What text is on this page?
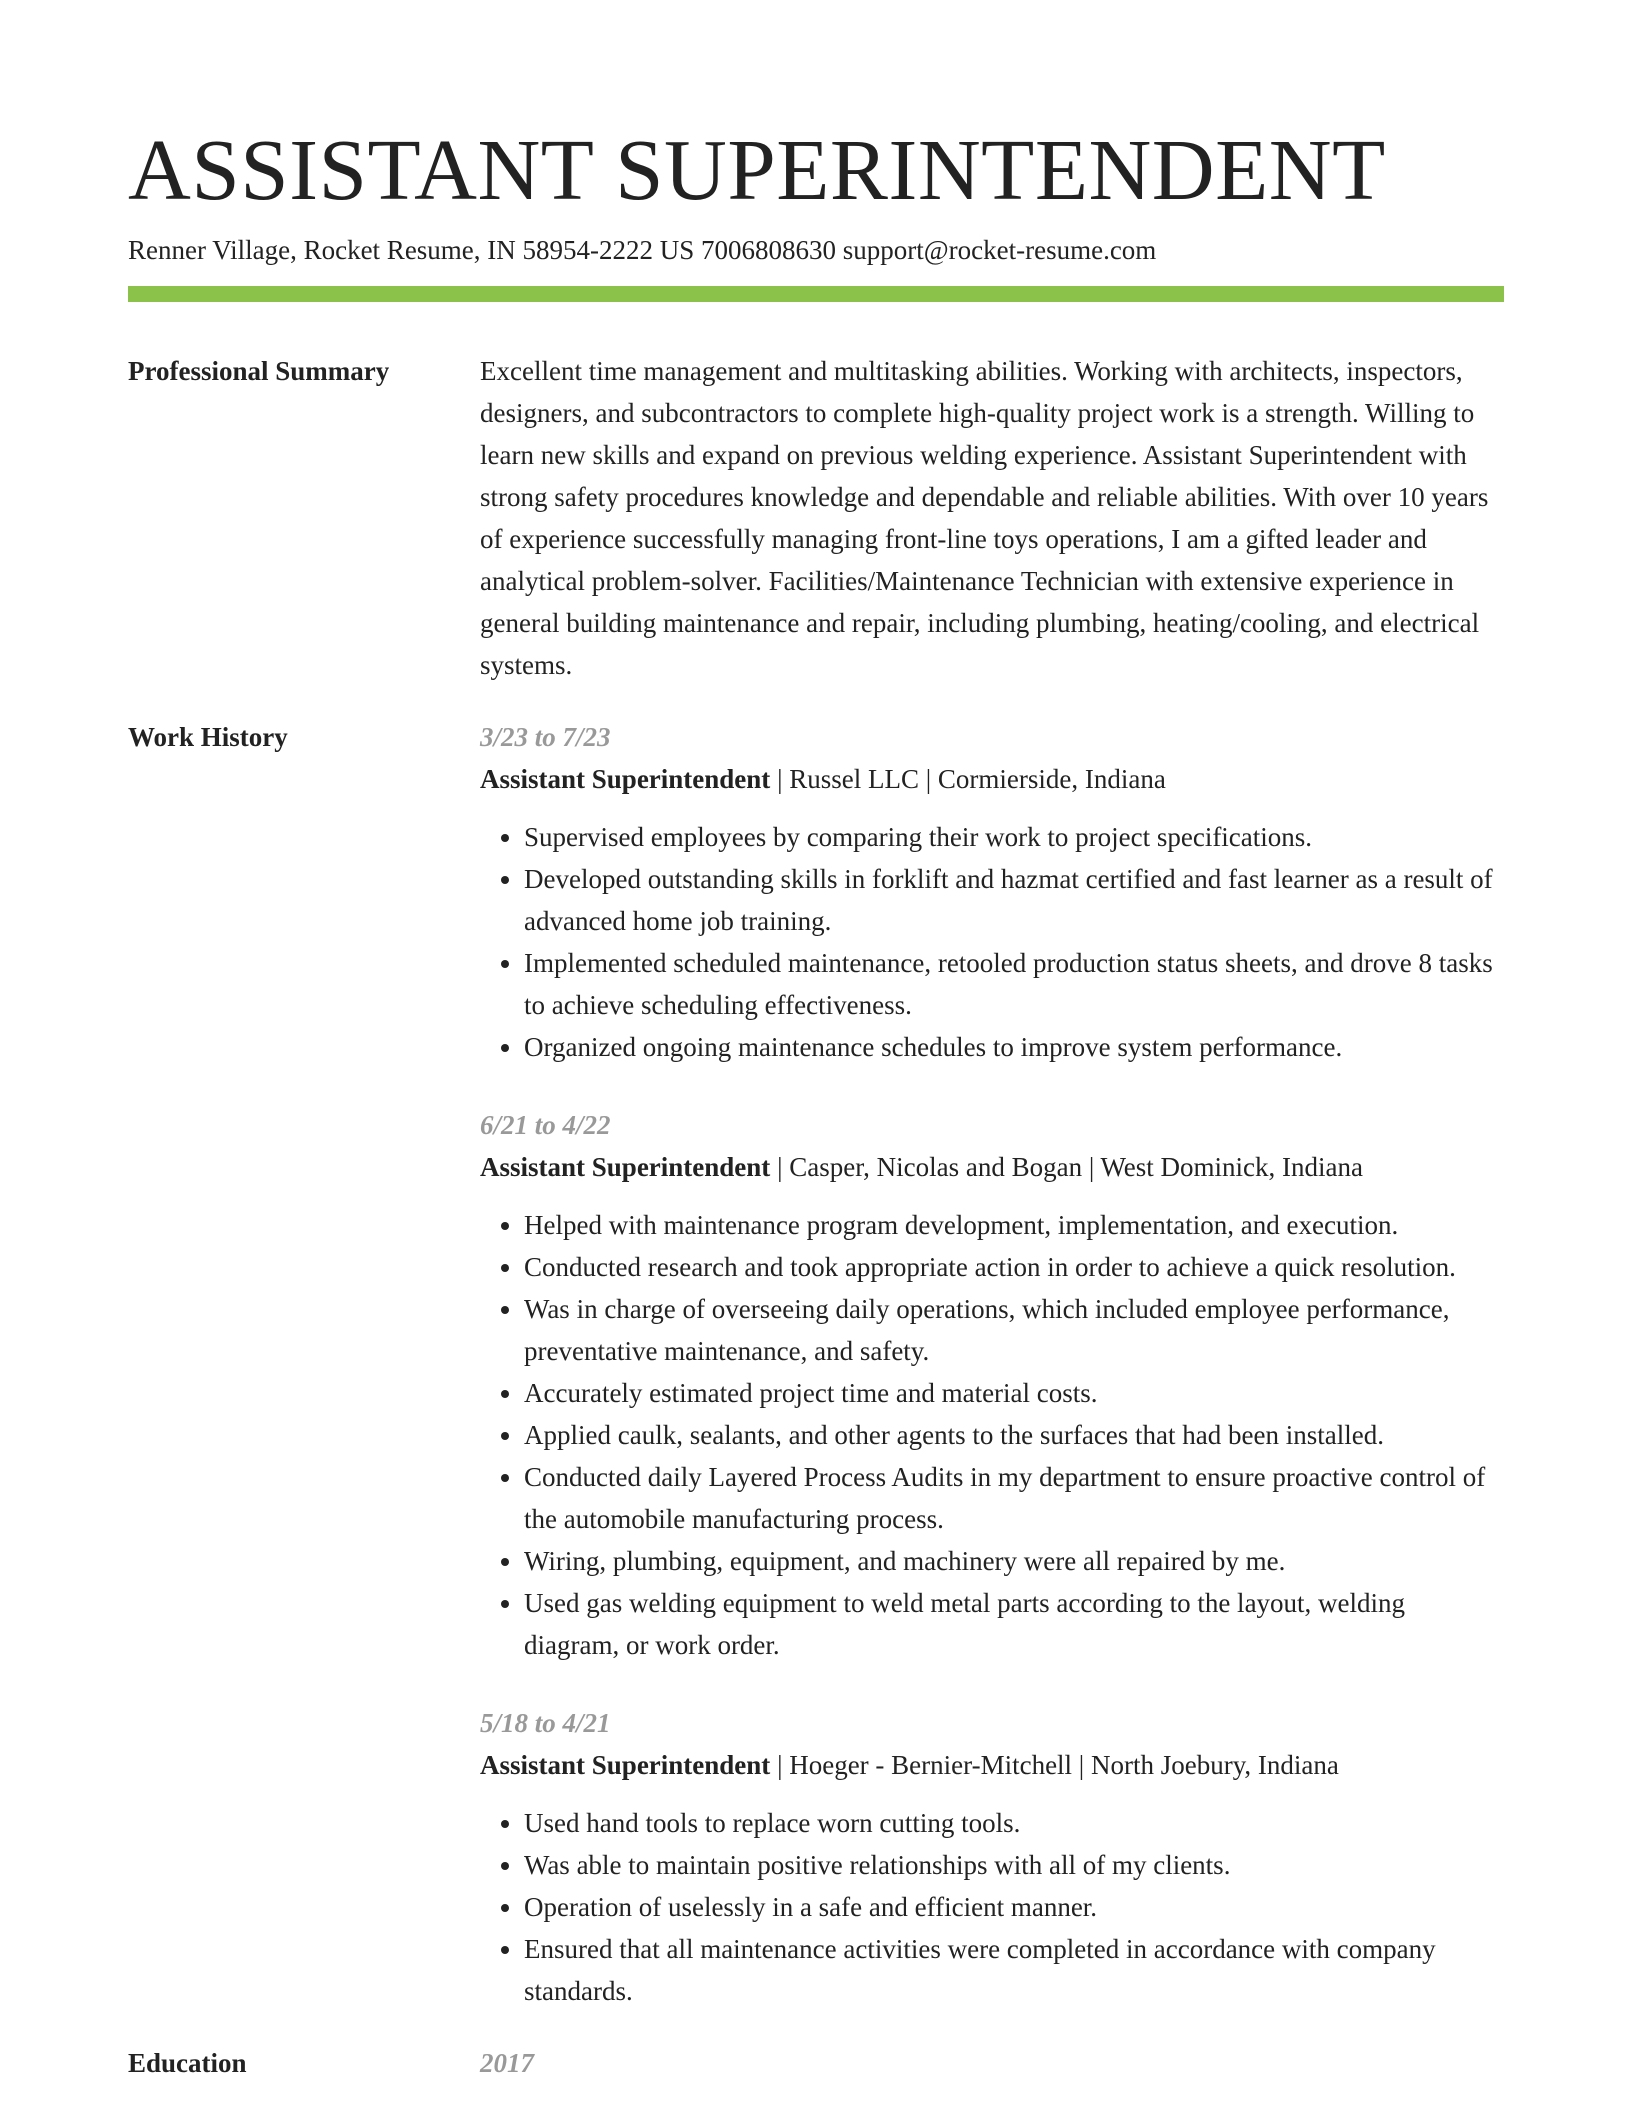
ASSISTANT SUPERINTENDENT
Renner Village, Rocket Resume, IN 58954-2222 US 7006808630 support@rocket-resume.com
Professional Summary	Excellent time management and multitasking abilities. Working with architects, inspectors, designers, and subcontractors to complete high-quality project work is a strength. Willing to learn new skills and expand on previous welding experience. Assistant Superintendent with strong safety procedures knowledge and dependable and reliable abilities. With over 10 years of experience successfully managing front-line toys operations, I am a gifted leader and analytical problem-solver. Facilities/Maintenance Technician with extensive experience in general building maintenance and repair, including plumbing, heating/cooling, and electrical systems.

Work History	3/23 to 7/23
Assistant Superintendent | Russel LLC | Cormierside, Indiana
• Supervised employees by comparing their work to project specifications.
• Developed outstanding skills in forklift and hazmat certified and fast learner as a result of advanced home job training.
• Implemented scheduled maintenance, retooled production status sheets, and drove 8 tasks to achieve scheduling effectiveness.
• Organized ongoing maintenance schedules to improve system performance.
6/21 to 4/22
Assistant Superintendent | Casper, Nicolas and Bogan | West Dominick, Indiana
• Helped with maintenance program development, implementation, and execution.
• Conducted research and took appropriate action in order to achieve a quick resolution.
• Was in charge of overseeing daily operations, which included employee performance, preventative maintenance, and safety.
• Accurately estimated project time and material costs.
• Applied caulk, sealants, and other agents to the surfaces that had been installed.
• Conducted daily Layered Process Audits in my department to ensure proactive control of the automobile manufacturing process.
• Wiring, plumbing, equipment, and machinery were all repaired by me.
• Used gas welding equipment to weld metal parts according to the layout, welding diagram, or work order.
5/18 to 4/21
Assistant Superintendent | Hoeger - Bernier-Mitchell | North Joebury, Indiana
• Used hand tools to replace worn cutting tools.
• Was able to maintain positive relationships with all of my clients.
• Operation of uselessly in a safe and efficient manner.
• Ensured that all maintenance activities were completed in accordance with company standards.
Education	2017
